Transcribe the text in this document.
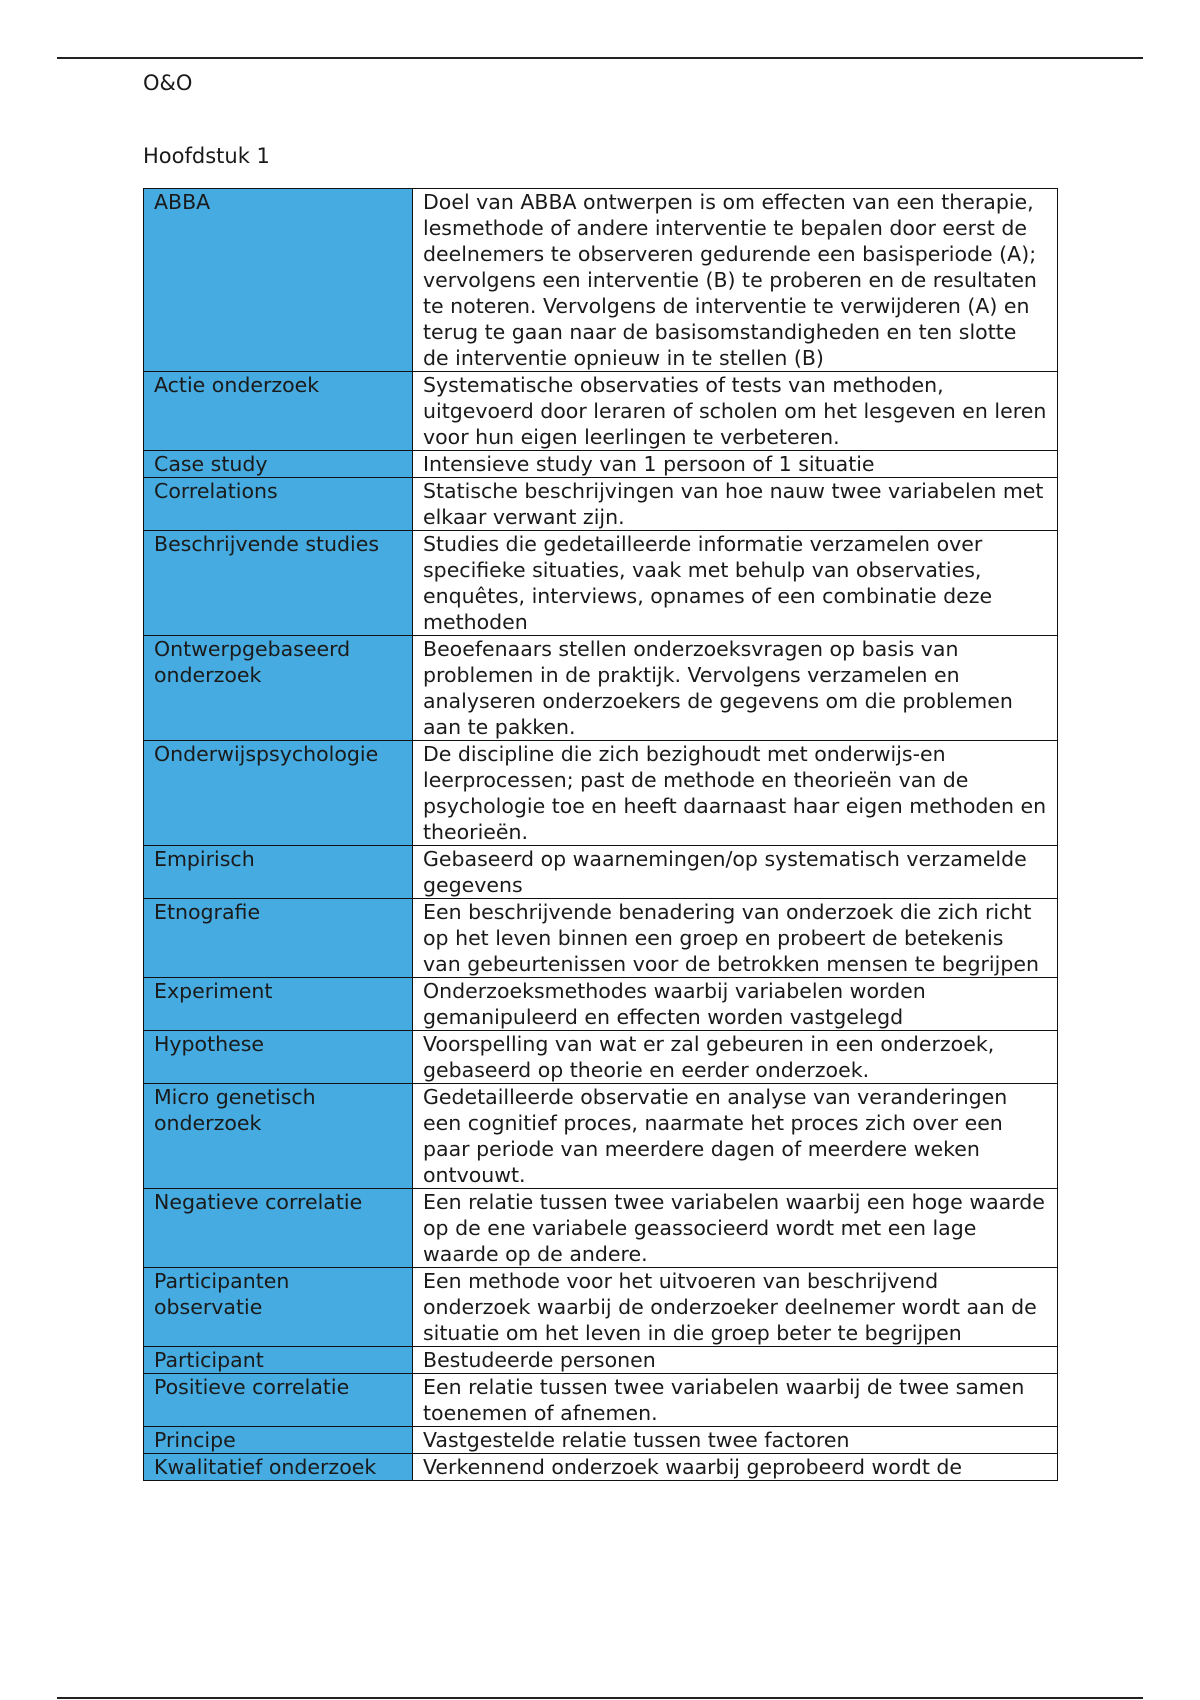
O&O
Hoofdstuk 1
ABBA	Doel van ABBA ontwerpen is om effecten van een therapie, lesmethode of andere interventie te bepalen door eerst de deelnemers te observeren gedurende een basisperiode (A); vervolgens een interventie (B) te proberen en de resultaten te noteren. Vervolgens de interventie te verwijderen (A) en terug te gaan naar de basisomstandigheden en ten slotte de interventie opnieuw in te stellen (B)
Actie onderzoek	Systematische observaties of tests van methoden, uitgevoerd door leraren of scholen om het lesgeven en leren voor hun eigen leerlingen te verbeteren.
Case study	Intensieve study van 1 persoon of 1 situatie
Correlations	Statische beschrijvingen van hoe nauw twee variabelen met elkaar verwant zijn.
Beschrijvende studies	Studies die gedetailleerde informatie verzamelen over specifieke situaties, vaak met behulp van observaties, enquêtes, interviews, opnames of een combinatie deze methoden
Ontwerpgebaseerd onderzoek	Beoefenaars stellen onderzoeksvragen op basis van problemen in de praktijk. Vervolgens verzamelen en analyseren onderzoekers de gegevens om die problemen aan te pakken.
Onderwijspsychologie	De discipline die zich bezighoudt met onderwijs-en leerprocessen; past de methode en theorieën van de psychologie toe en heeft daarnaast haar eigen methoden en theorieën.
Empirisch	Gebaseerd op waarnemingen/op systematisch verzamelde gegevens
Etnografie	Een beschrijvende benadering van onderzoek die zich richt op het leven binnen een groep en probeert de betekenis van gebeurtenissen voor de betrokken mensen te begrijpen
Experiment	Onderzoeksmethodes waarbij variabelen worden gemanipuleerd en effecten worden vastgelegd
Hypothese	Voorspelling van wat er zal gebeuren in een onderzoek, gebaseerd op theorie en eerder onderzoek.
Micro genetisch onderzoek	Gedetailleerde observatie en analyse van veranderingen een cognitief proces, naarmate het proces zich over een paar periode van meerdere dagen of meerdere weken ontvouwt.
Negatieve correlatie	Een relatie tussen twee variabelen waarbij een hoge waarde op de ene variabele geassocieerd wordt met een lage waarde op de andere.
Participanten observatie	Een methode voor het uitvoeren van beschrijvend onderzoek waarbij de onderzoeker deelnemer wordt aan de situatie om het leven in die groep beter te begrijpen
Participant	Bestudeerde personen
Positieve correlatie	Een relatie tussen twee variabelen waarbij de twee samen toenemen of afnemen.
Principe	Vastgestelde relatie tussen twee factoren
Kwalitatief onderzoek	Verkennend onderzoek waarbij geprobeerd wordt de
